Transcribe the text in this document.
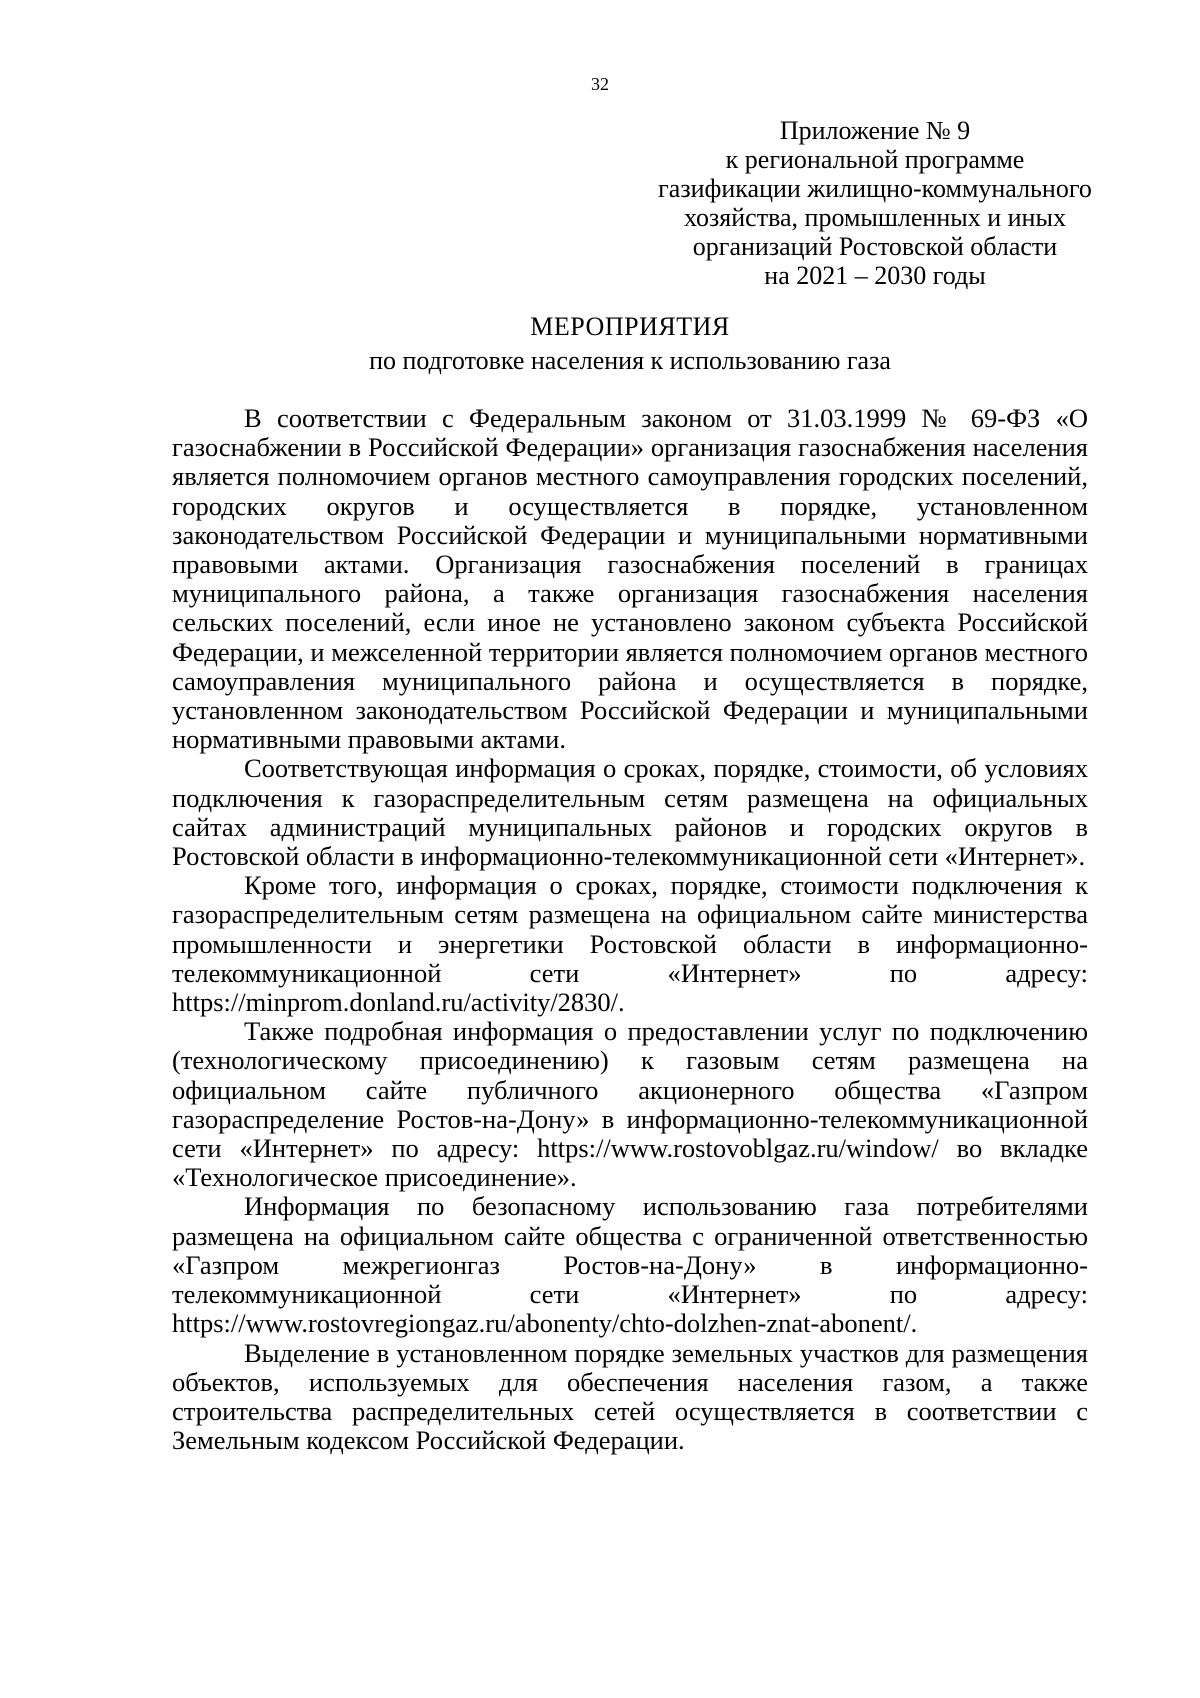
32
Приложение № 9
к региональной программе
газификации жилищно-коммунального
хозяйства, промышленных и иных
организаций Ростовской области
на 2021 – 2030 годы
МЕРОПРИЯТИЯ
по подготовке населения к использованию газа

В соответствии с Федеральным законом от 31.03.1999 № 69-ФЗ «О газоснабжении в Российской Федерации» организация газоснабжения населения является полномочием органов местного самоуправления городских поселений, городских округов и осуществляется в порядке, установленном законодательством Российской Федерации и муниципальными нормативными правовыми актами. Организация газоснабжения поселений в границах муниципального района, а также организация газоснабжения населения сельских поселений, если иное не установлено законом субъекта Российской Федерации, и межселенной территории является полномочием органов местного самоуправления муниципального района и осуществляется в порядке, установленном законодательством Российской Федерации и муниципальными нормативными правовыми актами.

Соответствующая информация о сроках, порядке, стоимости, об условиях подключения к газораспределительным сетям размещена на официальных сайтах администраций муниципальных районов и городских округов в Ростовской области в информационно-телекоммуникационной сети «Интернет».

Кроме того, информация о сроках, порядке, стоимости подключения к газораспределительным сетям размещена на официальном сайте министерства промышленности и энергетики Ростовской области в информационно-телекоммуникационной сети «Интернет» по адресу: https://minprom.donland.ru/activity/2830/.

Также подробная информация о предоставлении услуг по подключению (технологическому присоединению) к газовым сетям размещена на официальном сайте публичного акционерного общества «Газпром газораспределение Ростов-на-Дону» в информационно-телекоммуникационной сети «Интернет» по адресу: https://www.rostovoblgaz.ru/window/ во вкладке «Технологическое присоединение».

Информация по безопасному использованию газа потребителями размещена на официальном сайте общества с ограниченной ответственностью «Газпром межрегионгаз Ростов-на-Дону» в информационно-телекоммуникационной сети «Интернет» по адресу: https://www.rostovregiongaz.ru/abonenty/chto-dolzhen-znat-abonent/.

Выделение в установленном порядке земельных участков для размещения объектов, используемых для обеспечения населения газом, а также строительства распределительных сетей осуществляется в соответствии с Земельным кодексом Российской Федерации.
